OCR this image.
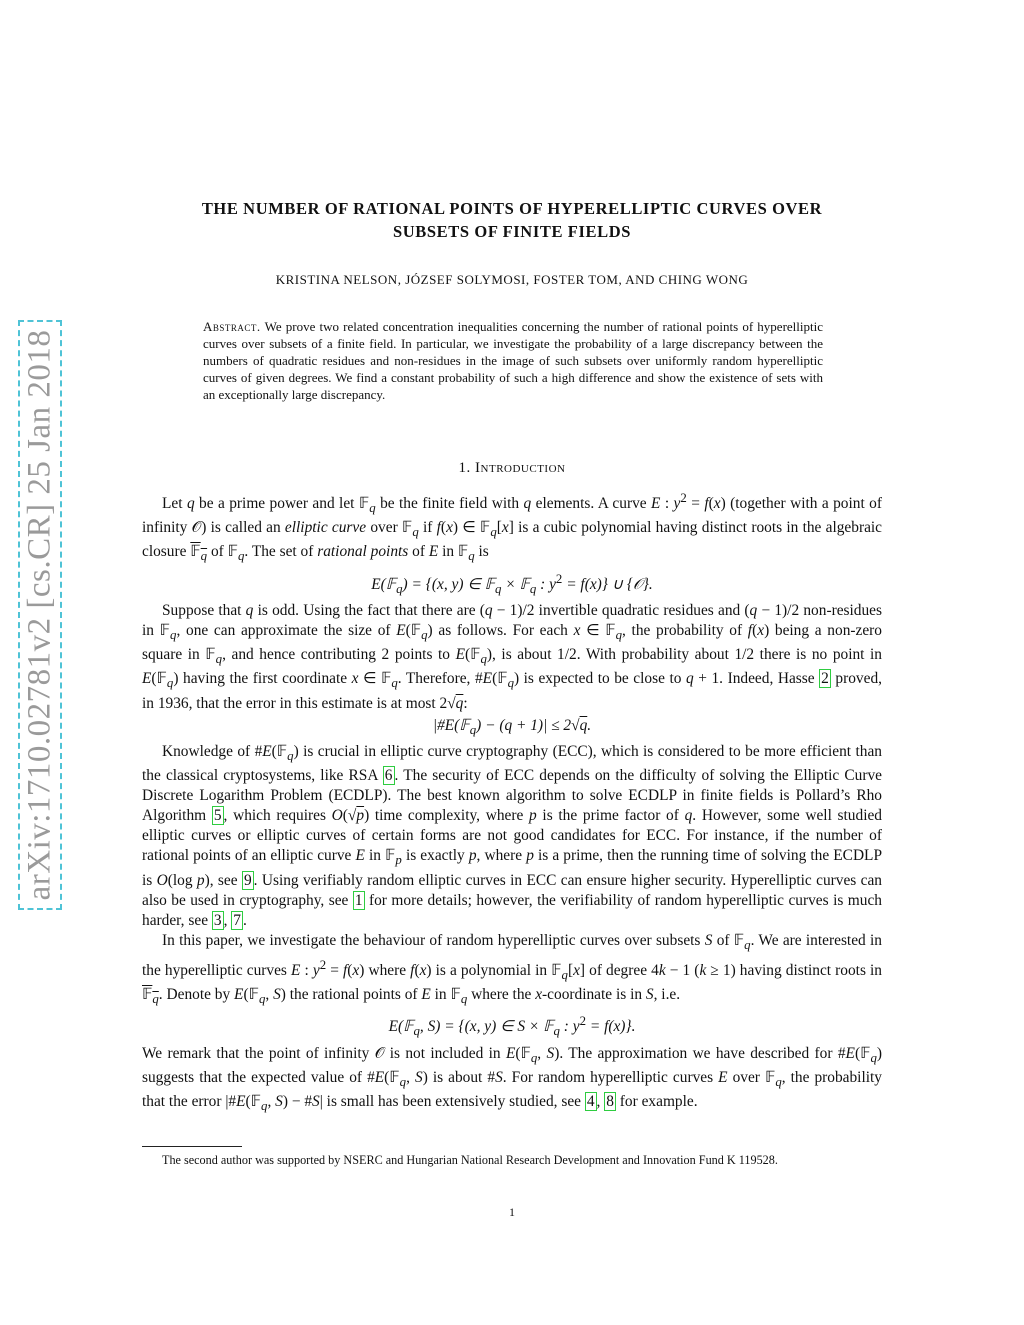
arXiv:1710.02781v2 [cs.CR] 25 Jan 2018
THE NUMBER OF RATIONAL POINTS OF HYPERELLIPTIC CURVES OVER
SUBSETS OF FINITE FIELDS
KRISTINA NELSON, JÓZSEF SOLYMOSI, FOSTER TOM, AND CHING WONG
Abstract. We prove two related concentration inequalities concerning the number of rational points of hyperelliptic curves over subsets of a finite field. In particular, we investigate the probability of a large discrepancy between the numbers of quadratic residues and non-residues in the image of such subsets over uniformly random hyperelliptic curves of given degrees. We find a constant probability of such a high difference and show the existence of sets with an exceptionally large discrepancy.
1. Introduction

Let q be a prime power and let 𝔽$_q$ be the finite field with q elements. A curve E : $y^2 = f(x)$ (together with a point of infinity 𝒪) is called an elliptic curve over 𝔽$_q$ if f(x) ∈ 𝔽$_q$[x] is a cubic polynomial having distinct roots in the algebraic closure 𝔽$_q$ of 𝔽$_q$. The set of rational points of E in 𝔽$_q$ is

E(𝔽$_q$) = {(x, y) ∈ 𝔽$_q$ × 𝔽$_q$ : $y^2 = f(x)$} ∪ {𝒪}.

Suppose that q is odd. Using the fact that there are (q − 1)/2 invertible quadratic residues and (q − 1)/2 non-residues in 𝔽$_q$, one can approximate the size of E(𝔽$_q$) as follows. For each x ∈ 𝔽$_q$, the probability of f(x) being a non-zero square in 𝔽$_q$, and hence contributing 2 points to E(𝔽$_q$), is about 1/2. With probability about 1/2 there is no point in E(𝔽$_q$) having the first coordinate x ∈ 𝔽$_q$. Therefore, #E(𝔽$_q$) is expected to be close to q + 1. Indeed, Hasse 2 proved, in 1936, that the error in this estimate is at most 2√q:

|#E(𝔽$_q$) − (q + 1)| ≤ 2√q.

Knowledge of #E(𝔽$_q$) is crucial in elliptic curve cryptography (ECC), which is considered to be more efficient than the classical cryptosystems, like RSA 6 . The security of ECC depends on the difficulty of solving the Elliptic Curve Discrete Logarithm Problem (ECDLP). The best known algorithm to solve ECDLP in finite fields is Pollard’s Rho Algorithm 5 , which requires O(√p) time complexity, where p is the prime factor of q. However, some well studied elliptic curves or elliptic curves of certain forms are not good candidates for ECC. For instance, if the number of rational points of an elliptic curve E in 𝔽$_p$ is exactly p, where p is a prime, then the running time of solving the ECDLP is O(log p), see 9 . Using verifiably random elliptic curves in ECC can ensure higher security. Hyperelliptic curves can also be used in cryptography, see 1 for more details; however, the verifiability of random hyperelliptic curves is much harder, see 3 , 7 .

In this paper, we investigate the behaviour of random hyperelliptic curves over subsets S of 𝔽$_q$. We are interested in the hyperelliptic curves E : $y^2 = f(x)$ where f(x) is a polynomial in 𝔽$_q$[x] of degree 4k − 1 (k ≥ 1) having distinct roots in 𝔽$_q$. Denote by E(𝔽$_q$, S) the rational points of E in 𝔽$_q$ where the x-coordinate is in S, i.e.

E(𝔽$_q$, S) = {(x, y) ∈ S × 𝔽$_q$ : $y^2 = f(x)$}.

We remark that the point of infinity 𝒪 is not included in E(𝔽$_q$, S). The approximation we have described for #E(𝔽$_q$) suggests that the expected value of #E(𝔽$_q$, S) is about #S. For random hyperelliptic curves E over 𝔽$_q$, the probability that the error |#E(𝔽$_q$, S) − #S| is small has been extensively studied, see 4 , 8 for example.

The second author was supported by NSERC and Hungarian National Research Development and Innovation Fund K 119528.
1
